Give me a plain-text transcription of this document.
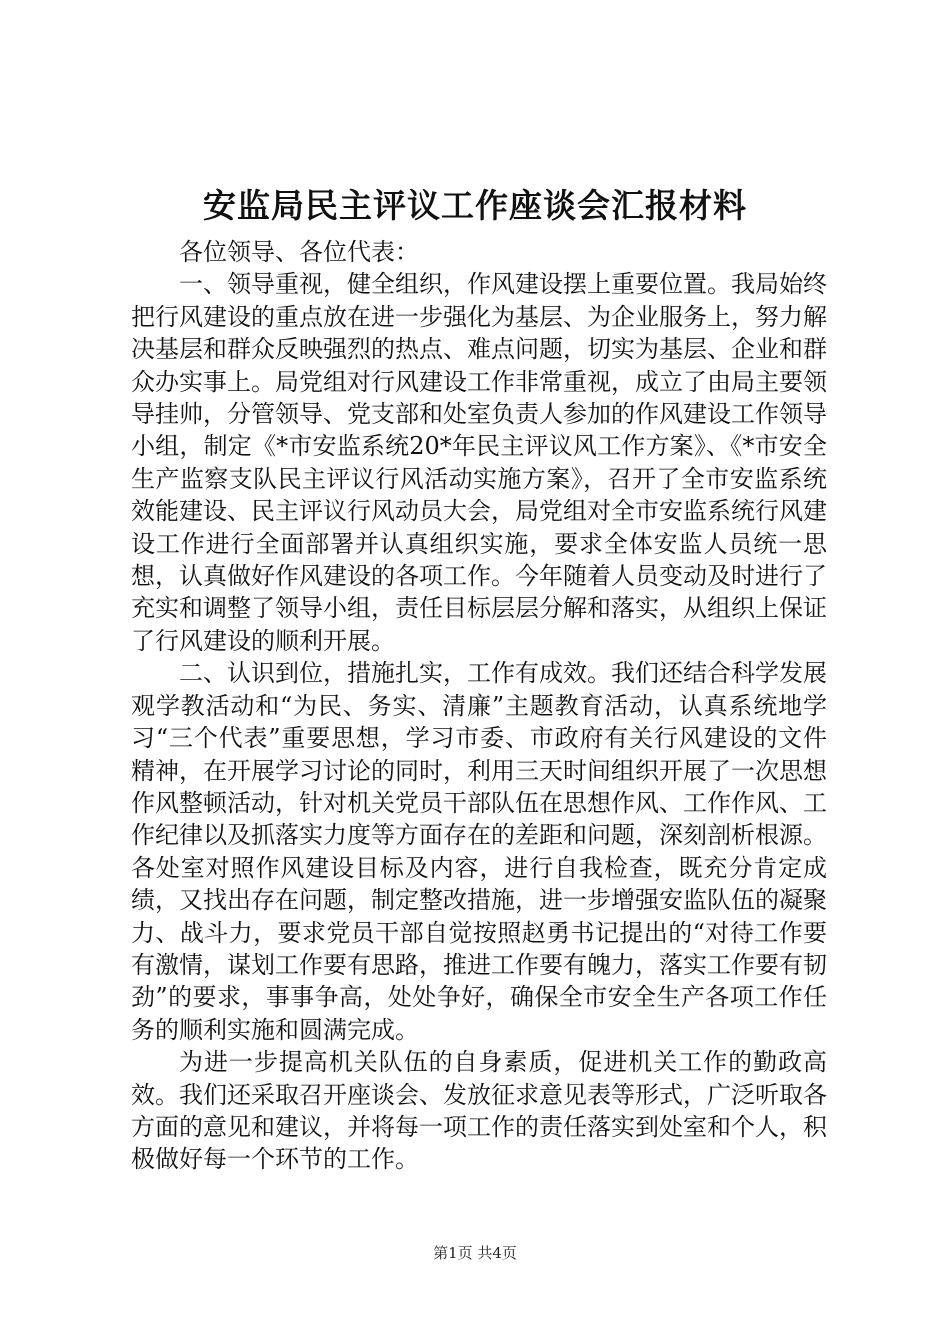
安监局民主评议工作座谈会汇报材料

各位领导、各位代表：

一、领导重视，健全组织，作风建设摆上重要位置。我局始终把行风建设的重点放在进一步强化为基层、为企业服务上，努力解决基层和群众反映强烈的热点、难点问题，切实为基层、企业和群众办实事上。局党组对行风建设工作非常重视，成立了由局主要领导挂帅，分管领导、党支部和处室负责人参加的作风建设工作领导小组，制定《*市安监系统20*年民主评议风工作方案》、《*市安全生产监察支队民主评议行风活动实施方案》，召开了全市安监系统效能建设、民主评议行风动员大会，局党组对全市安监系统行风建设工作进行全面部署并认真组织实施，要求全体安监人员统一思想，认真做好作风建设的各项工作。今年随着人员变动及时进行了充实和调整了领导小组，责任目标层层分解和落实，从组织上保证了行风建设的顺利开展。

二、认识到位，措施扎实，工作有成效。我们还结合科学发展观学教活动和“为民、务实、清廉”主题教育活动，认真系统地学习“三个代表”重要思想，学习市委、市政府有关行风建设的文件精神，在开展学习讨论的同时，利用三天时间组织开展了一次思想作风整顿活动，针对机关党员干部队伍在思想作风、工作作风、工作纪律以及抓落实力度等方面存在的差距和问题，深刻剖析根源。各处室对照作风建设目标及内容，进行自我检查，既充分肯定成绩，又找出存在问题，制定整改措施，进一步增强安监队伍的凝聚力、战斗力，要求党员干部自觉按照赵勇书记提出的“对待工作要有激情，谋划工作要有思路，推进工作要有魄力，落实工作要有韧劲”的要求，事事争高，处处争好，确保全市安全生产各项工作任务的顺利实施和圆满完成。

为进一步提高机关队伍的自身素质，促进机关工作的勤政高效。我们还采取召开座谈会、发放征求意见表等形式，广泛听取各方面的意见和建议，并将每一项工作的责任落实到处室和个人，积极做好每一个环节的工作。

第1页 共4页
